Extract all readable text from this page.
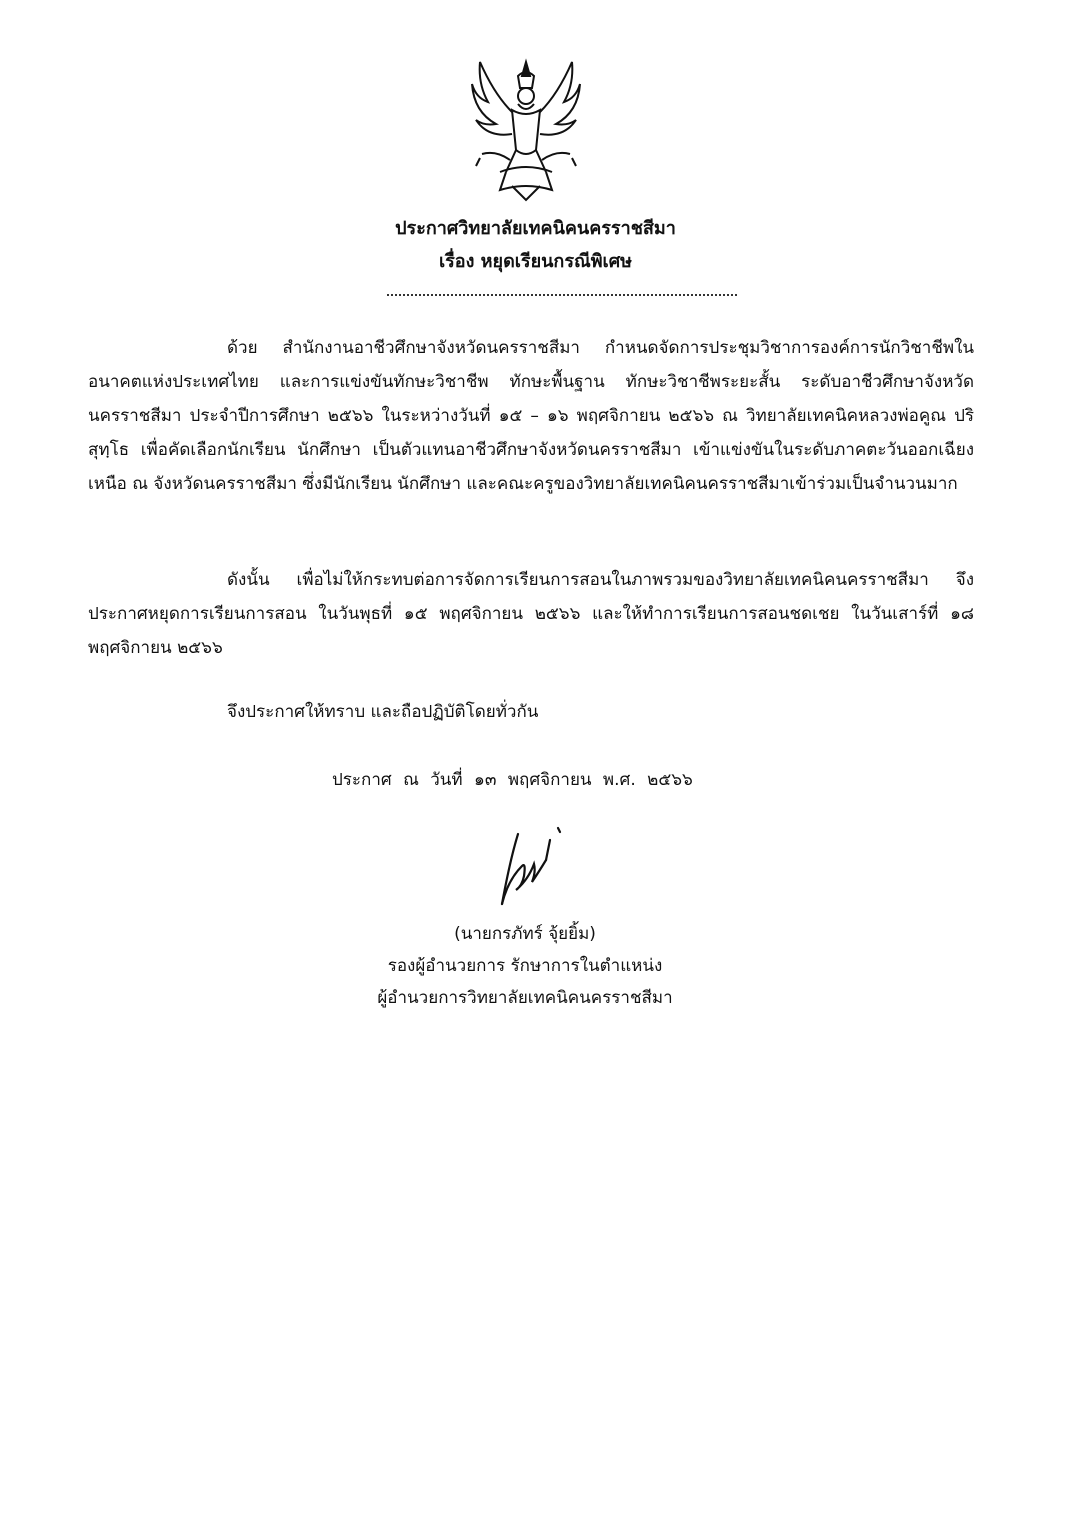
ประกาศวิทยาลัยเทคนิคนครราชสีมา
เรื่อง หยุดเรียนกรณีพิเศษ

ด้วย สำนักงานอาชีวศึกษาจังหวัดนครราชสีมา กำหนดจัดการประชุมวิชาการองค์การนักวิชาชีพในอนาคตแห่งประเทศไทย และการแข่งขันทักษะวิชาชีพ ทักษะพื้นฐาน ทักษะวิชาชีพระยะสั้น ระดับอาชีวศึกษาจังหวัดนครราชสีมา ประจำปีการศึกษา ๒๕๖๖ ในระหว่างวันที่ ๑๕ – ๑๖ พฤศจิกายน ๒๕๖๖ ณ วิทยาลัยเทคนิคหลวงพ่อคูณ ปริสุทฺโธ เพื่อคัดเลือกนักเรียน นักศึกษา เป็นตัวแทนอาชีวศึกษาจังหวัดนครราชสีมา เข้าแข่งขันในระดับภาคตะวันออกเฉียงเหนือ ณ จังหวัดนครราชสีมา ซึ่งมีนักเรียน นักศึกษา และคณะครูของวิทยาลัยเทคนิคนครราชสีมาเข้าร่วมเป็นจำนวนมาก

ดังนั้น เพื่อไม่ให้กระทบต่อการจัดการเรียนการสอนในภาพรวมของวิทยาลัยเทคนิคนครราชสีมา จึงประกาศหยุดการเรียนการสอน ในวันพุธที่ ๑๕ พฤศจิกายน ๒๕๖๖ และให้ทำการเรียนการสอนชดเชย ในวันเสาร์ที่ ๑๘ พฤศจิกายน ๒๕๖๖

จึงประกาศให้ทราบ และถือปฏิบัติโดยทั่วกัน

ประกาศ ณ วันที่ ๑๓ พฤศจิกายน พ.ศ. ๒๕๖๖

(นายกรภัทร์ จุ้ยยิ้ม)
รองผู้อำนวยการ รักษาการในตำแหน่ง
ผู้อำนวยการวิทยาลัยเทคนิคนครราชสีมา
